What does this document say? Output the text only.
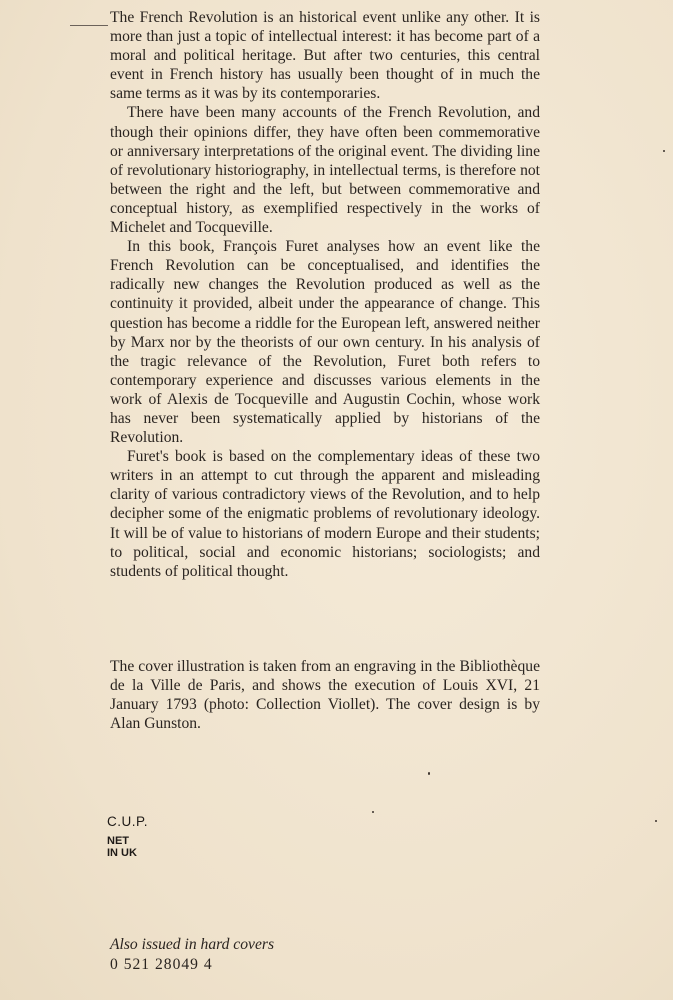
The French Revolution is an historical event unlike any other. It is more than just a topic of intellectual interest: it has become part of a moral and political heritage. But after two centuries, this central event in French history has usually been thought of in much the same terms as it was by its contemporaries.

There have been many accounts of the French Revolution, and though their opinions differ, they have often been commemorative or anniversary interpretations of the original event. The dividing line of revolutionary historiography, in intellectual terms, is therefore not between the right and the left, but between commemorative and conceptual history, as exemplified respectively in the works of Michelet and Tocqueville.

In this book, François Furet analyses how an event like the French Revolution can be conceptualised, and identifies the radically new changes the Revolution produced as well as the continuity it provided, albeit under the appearance of change. This question has become a riddle for the European left, answered neither by Marx nor by the theorists of our own century. In his analysis of the tragic relevance of the Revolution, Furet both refers to contemporary experience and discusses various elements in the work of Alexis de Tocqueville and Augustin Cochin, whose work has never been systematically applied by historians of the Revolution.

Furet's book is based on the complementary ideas of these two writers in an attempt to cut through the apparent and misleading clarity of various contradictory views of the Revolution, and to help decipher some of the enigmatic problems of revolutionary ideology. It will be of value to historians of modern Europe and their students; to political, social and economic historians; sociologists; and students of political thought.

The cover illustration is taken from an engraving in the Bibliothèque de la Ville de Paris, and shows the execution of Louis XVI, 21 January 1793 (photo: Collection Viollet). The cover design is by Alan Gunston.

C.U.P.
NET
IN UK
Also issued in hard covers
0 521 28049 4
